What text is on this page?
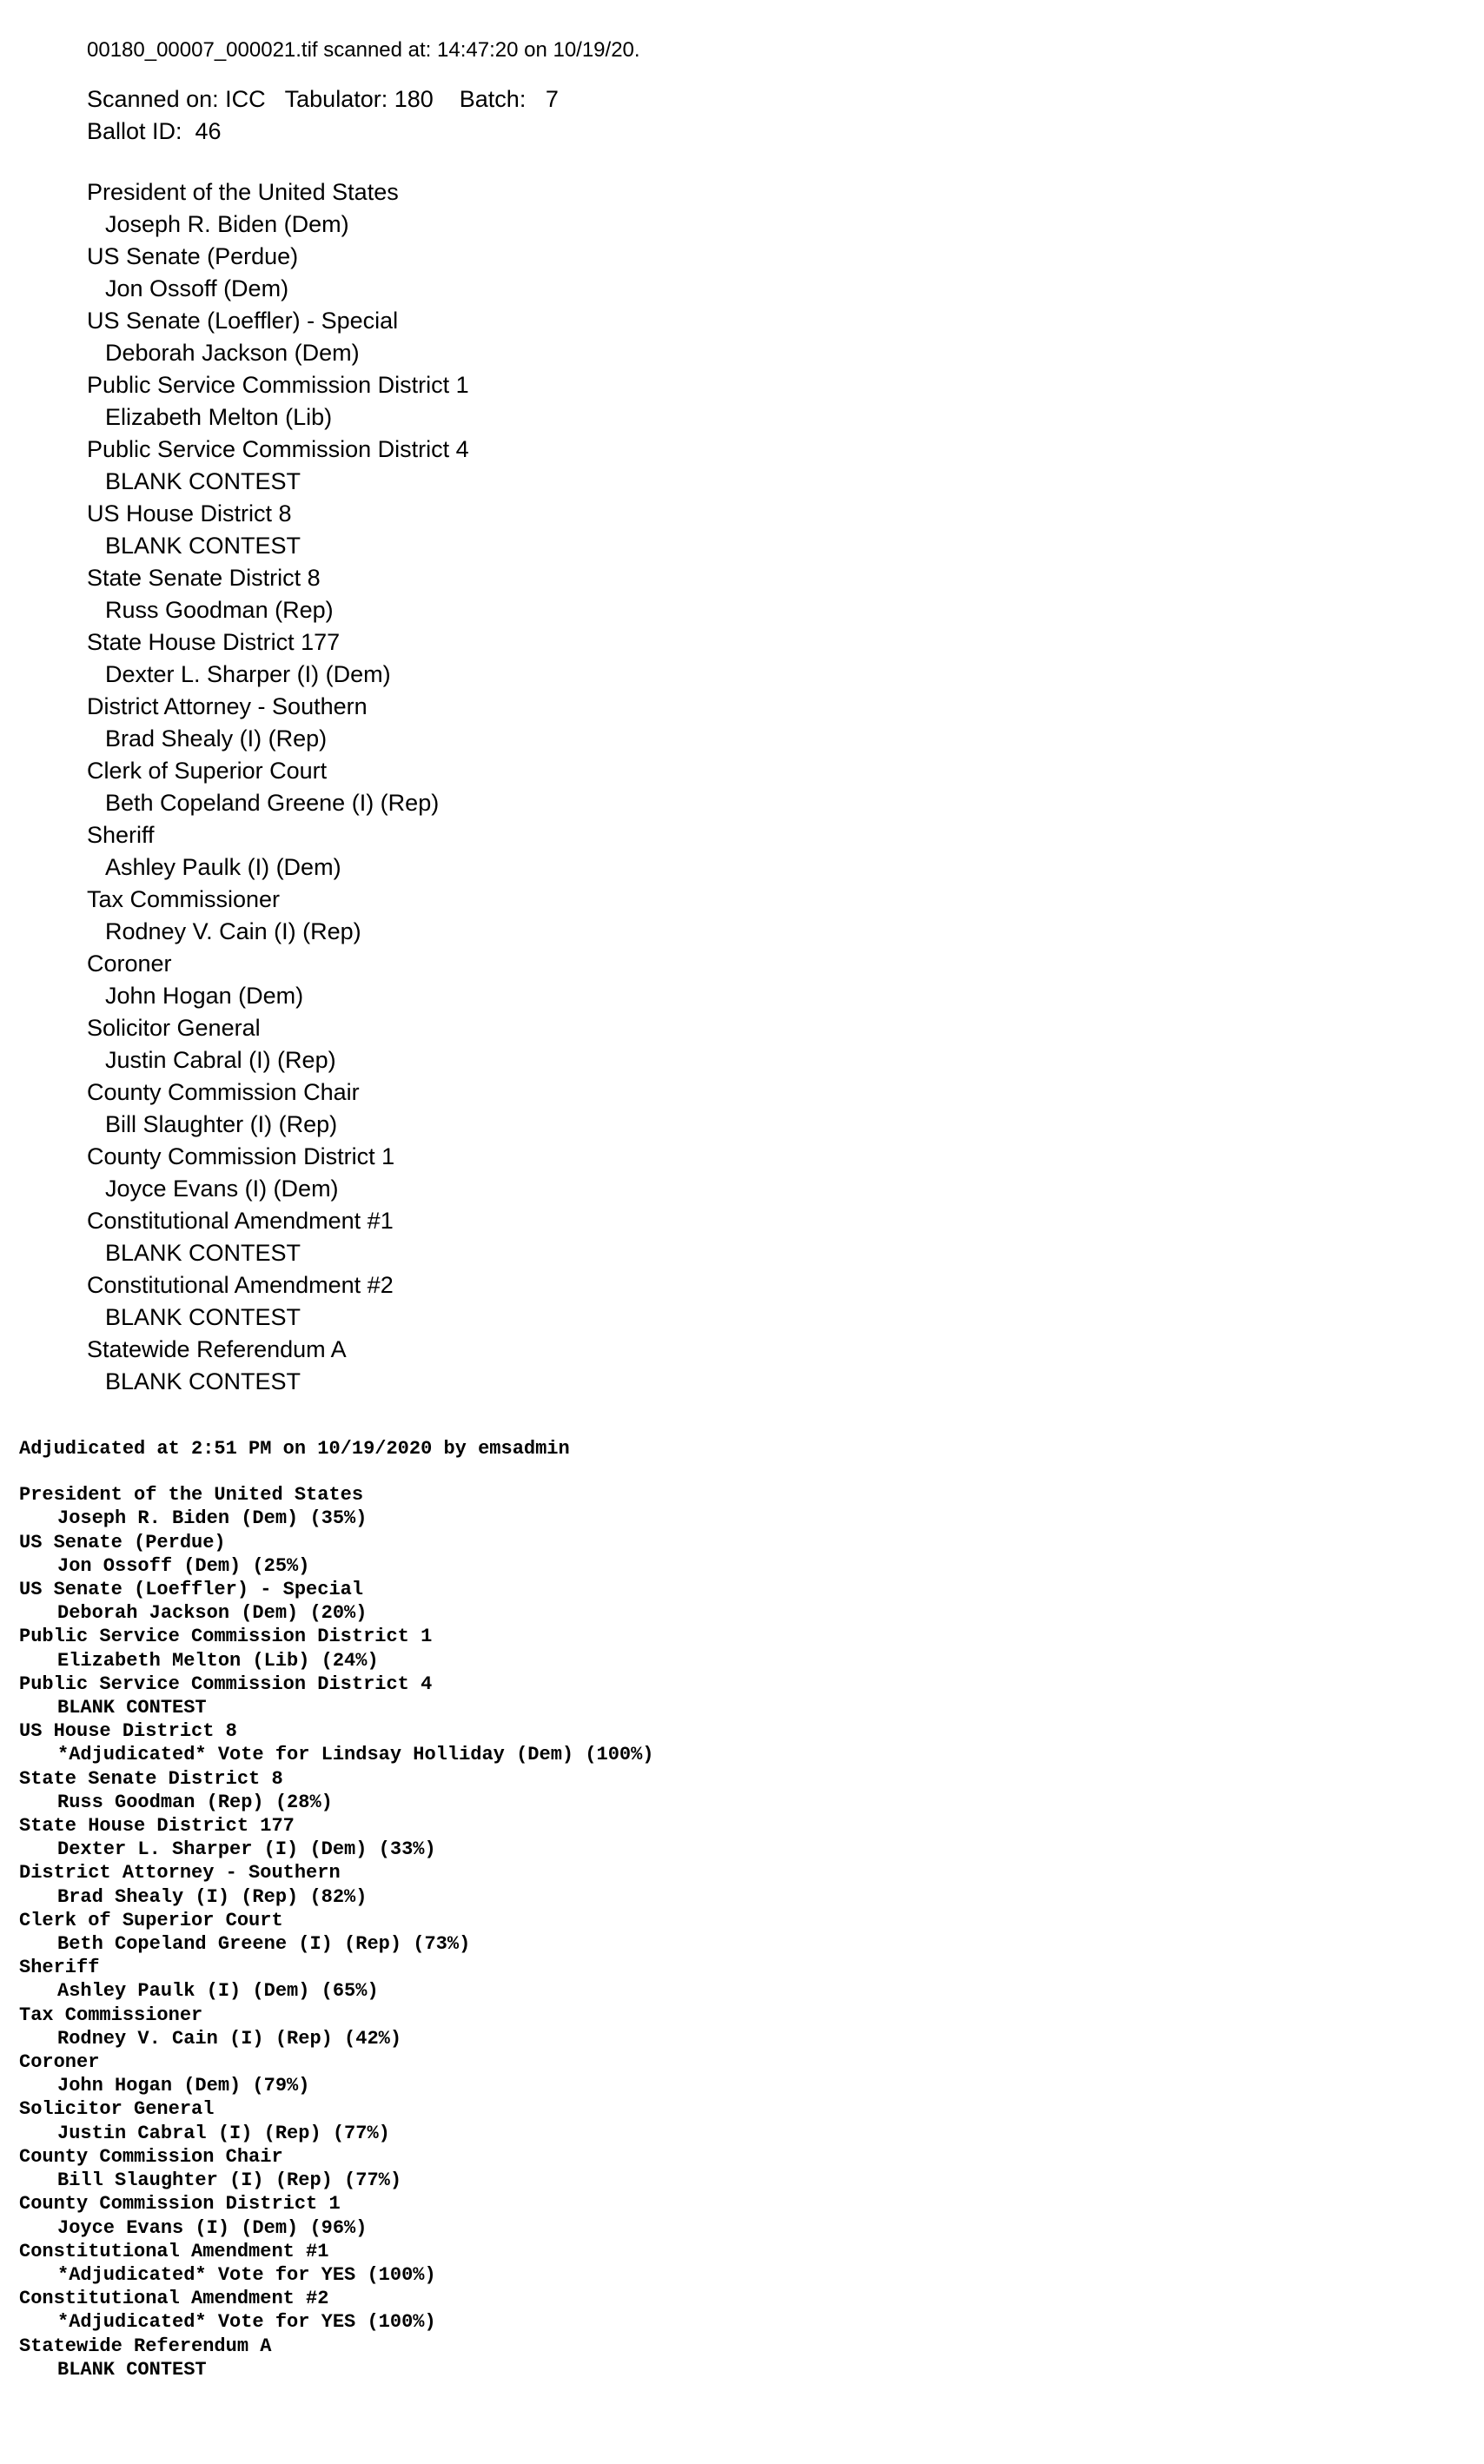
00180_00007_000021.tif scanned at: 14:47:20 on 10/19/20.
Scanned on: ICC   Tabulator: 180    Batch:   7
Ballot ID:  46
President of the United States
Joseph R. Biden (Dem)
US Senate (Perdue)
Jon Ossoff (Dem)
US Senate (Loeffler) - Special
Deborah Jackson (Dem)
Public Service Commission District 1
Elizabeth Melton (Lib)
Public Service Commission District 4
BLANK CONTEST
US House District 8
BLANK CONTEST
State Senate District 8
Russ Goodman (Rep)
State House District 177
Dexter L. Sharper (I) (Dem)
District Attorney - Southern
Brad Shealy (I) (Rep)
Clerk of Superior Court
Beth Copeland Greene (I) (Rep)
Sheriff
Ashley Paulk (I) (Dem)
Tax Commissioner
Rodney V. Cain (I) (Rep)
Coroner
John Hogan (Dem)
Solicitor General
Justin Cabral (I) (Rep)
County Commission Chair
Bill Slaughter (I) (Rep)
County Commission District 1
Joyce Evans (I) (Dem)
Constitutional Amendment #1
BLANK CONTEST
Constitutional Amendment #2
BLANK CONTEST
Statewide Referendum A
BLANK CONTEST
Adjudicated at 2:51 PM on 10/19/2020 by emsadmin
President of the United States
Joseph R. Biden (Dem) (35%)
US Senate (Perdue)
Jon Ossoff (Dem) (25%)
US Senate (Loeffler) - Special
Deborah Jackson (Dem) (20%)
Public Service Commission District 1
Elizabeth Melton (Lib) (24%)
Public Service Commission District 4
BLANK CONTEST
US House District 8
*Adjudicated* Vote for Lindsay Holliday (Dem) (100%)
State Senate District 8
Russ Goodman (Rep) (28%)
State House District 177
Dexter L. Sharper (I) (Dem) (33%)
District Attorney - Southern
Brad Shealy (I) (Rep) (82%)
Clerk of Superior Court
Beth Copeland Greene (I) (Rep) (73%)
Sheriff
Ashley Paulk (I) (Dem) (65%)
Tax Commissioner
Rodney V. Cain (I) (Rep) (42%)
Coroner
John Hogan (Dem) (79%)
Solicitor General
Justin Cabral (I) (Rep) (77%)
County Commission Chair
Bill Slaughter (I) (Rep) (77%)
County Commission District 1
Joyce Evans (I) (Dem) (96%)
Constitutional Amendment #1
*Adjudicated* Vote for YES (100%)
Constitutional Amendment #2
*Adjudicated* Vote for YES (100%)
Statewide Referendum A
BLANK CONTEST
